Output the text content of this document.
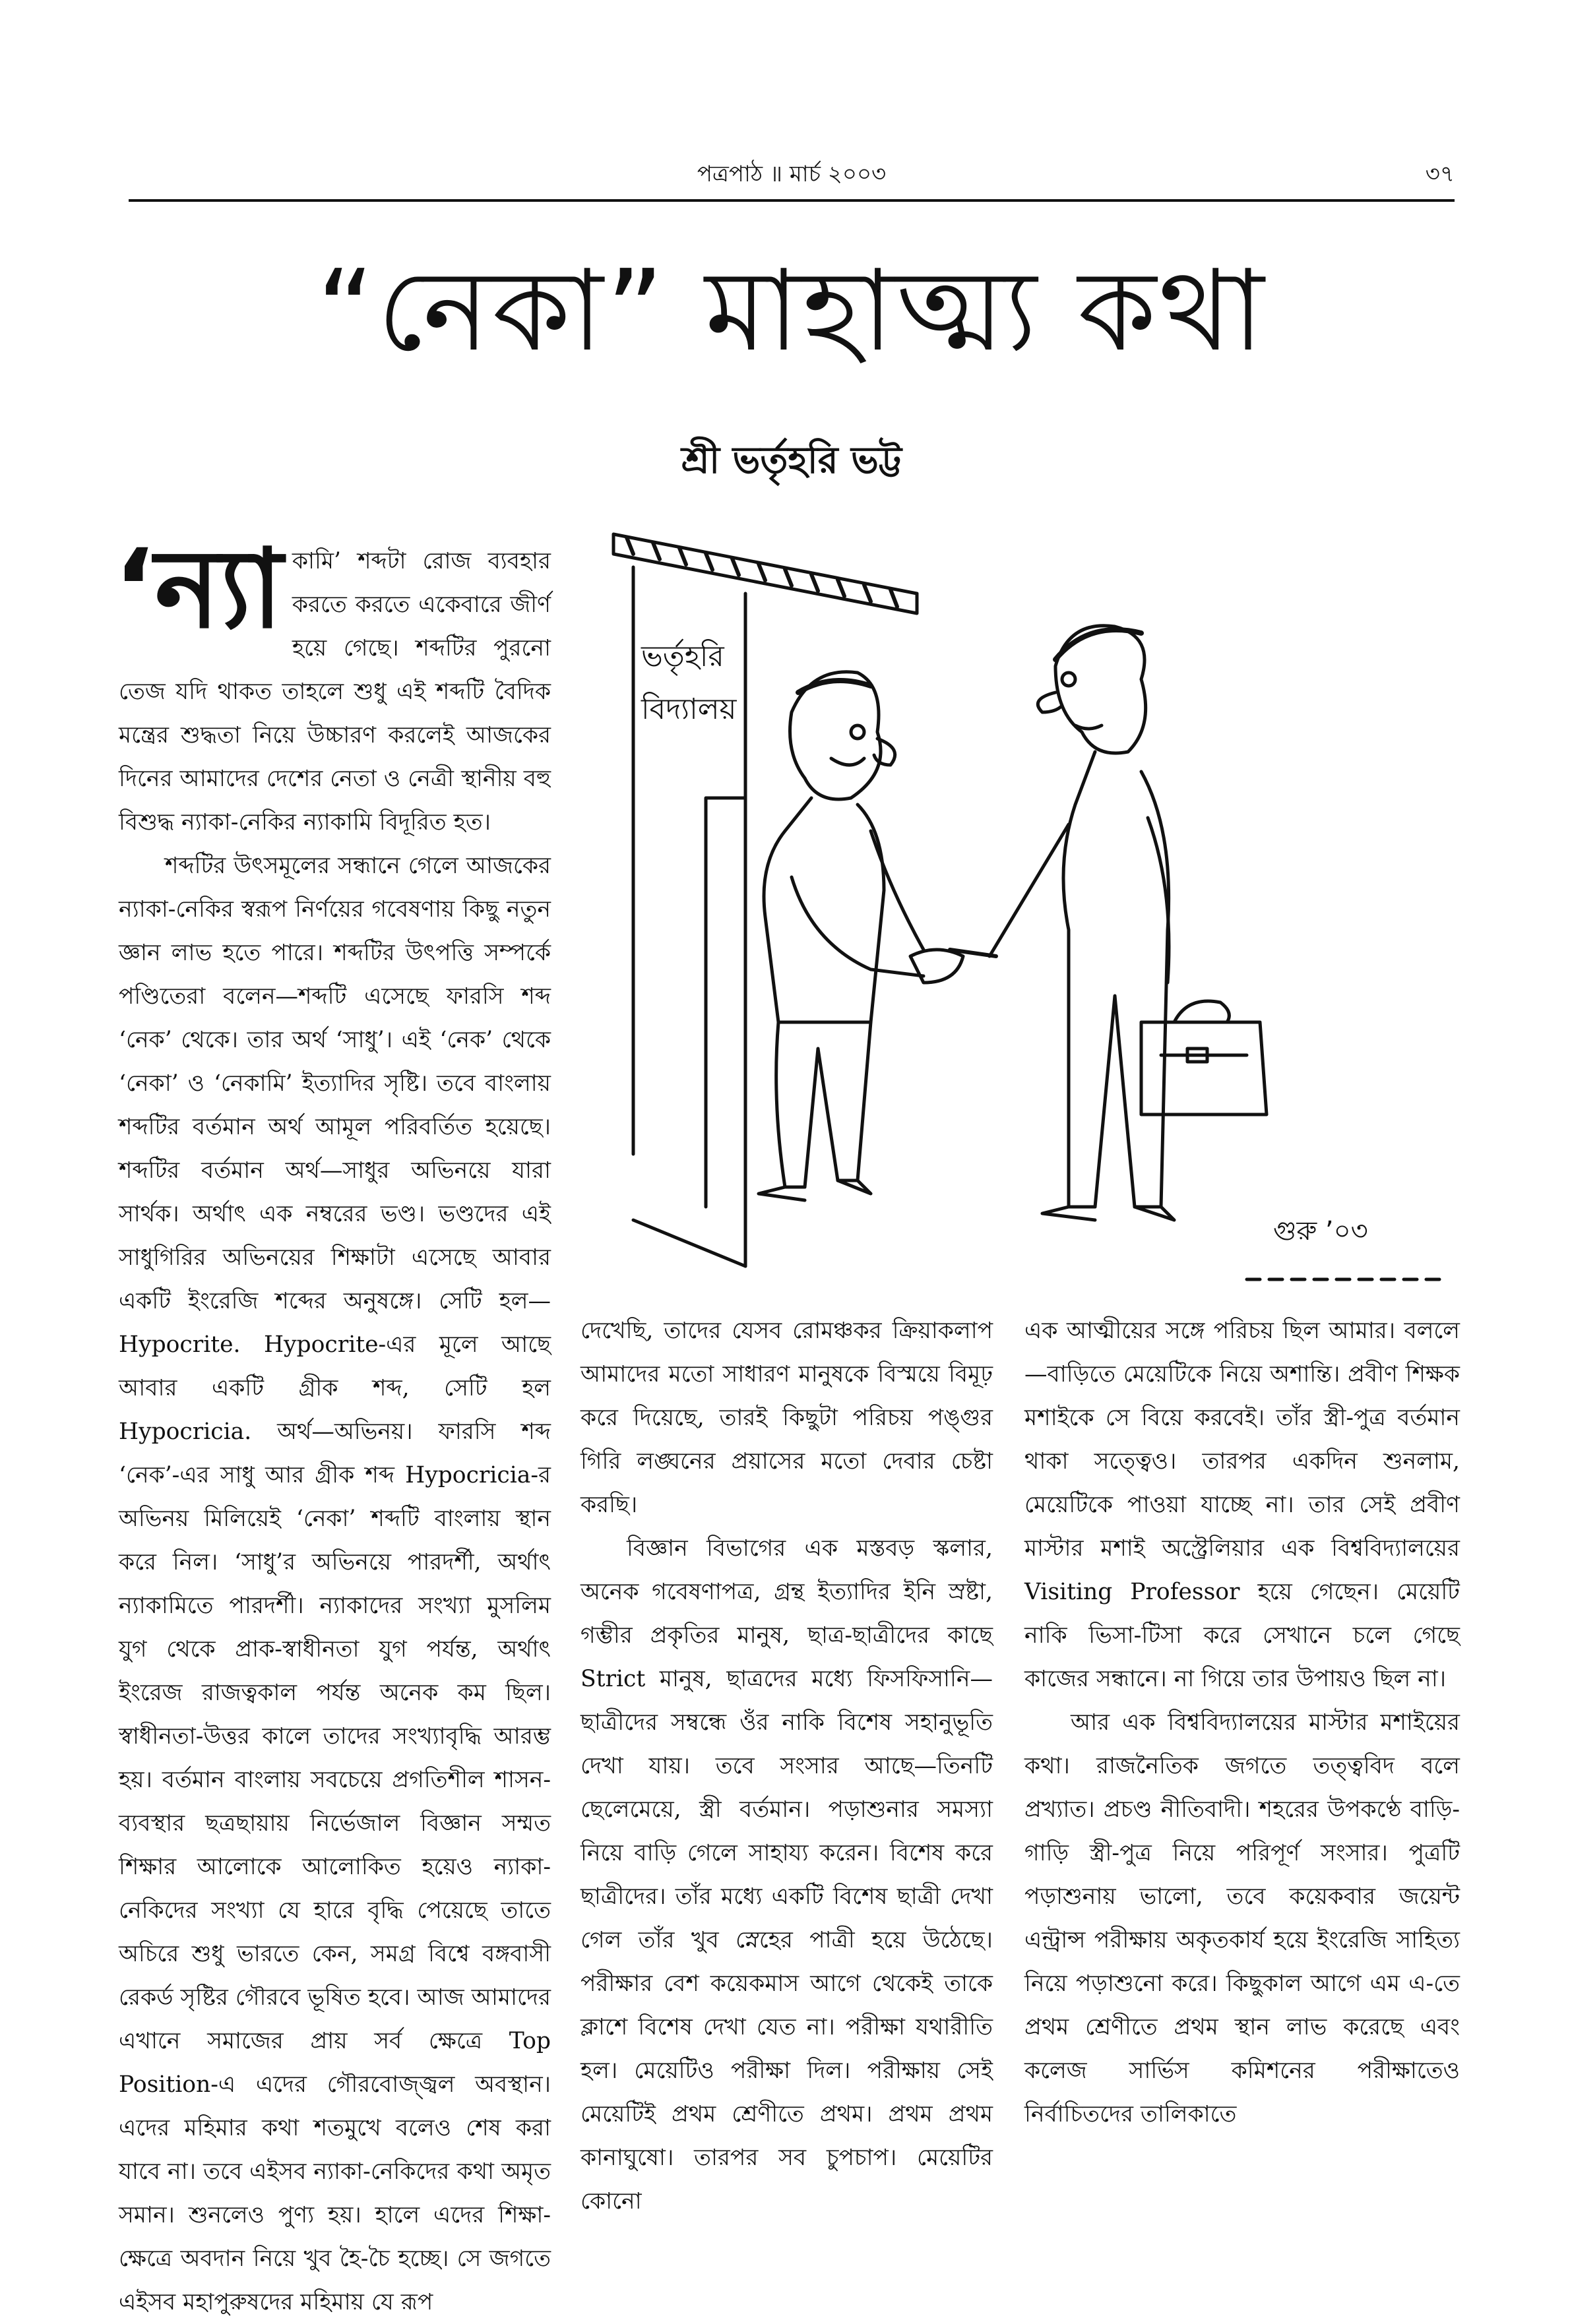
পত্রপাঠ ॥ মার্চ ২০০৩	৩৭
“নেকা” মাহাত্ম্য কথা
শ্রী ভর্তৃহরি ভট্ট

‘ন্যা কামি’ শব্দটা রোজ ব্যবহার করতে করতে একেবারে জীর্ণ হয়ে গেছে। শব্দটির পুরনো তেজ যদি থাকত তাহলে শুধু এই শব্দটি বৈদিক মন্ত্রের শুদ্ধতা নিয়ে উচ্চারণ করলেই আজকের দিনের আমাদের দেশের নেতা ও নেত্রী স্থানীয় বহু বিশুদ্ধ ন্যাকা-নেকির ন্যাকামি বিদূরিত হত।

শব্দটির উৎসমূলের সন্ধানে গেলে আজকের ন্যাকা-নেকির স্বরূপ নির্ণয়ের গবেষণায় কিছু নতুন জ্ঞান লাভ হতে পারে। শব্দটির উৎপত্তি সম্পর্কে পণ্ডিতেরা বলেন—শব্দটি এসেছে ফারসি শব্দ ‘নেক’ থেকে। তার অর্থ ‘সাধু’। এই ‘নেক’ থেকে ‘নেকা’ ও ‘নেকামি’ ইত্যাদির সৃষ্টি। তবে বাংলায় শব্দটির বর্তমান অর্থ আমূল পরিবর্তিত হয়েছে। শব্দটির বর্তমান অর্থ—সাধুর অভিনয়ে যারা সার্থক। অর্থাৎ এক নম্বরের ভণ্ড। ভণ্ডদের এই সাধুগিরির অভিনয়ের শিক্ষাটা এসেছে আবার একটি ইংরেজি শব্দের অনুষঙ্গে। সেটি হল—Hypocrite. Hypocrite-এর মূলে আছে আবার একটি গ্রীক শব্দ, সেটি হল Hypocricia. অর্থ—অভিনয়। ফারসি শব্দ ‘নেক’-এর সাধু আর গ্রীক শব্দ Hypocricia-র অভিনয় মিলিয়েই ‘নেকা’ শব্দটি বাংলায় স্থান করে নিল। ‘সাধু’র অভিনয়ে পারদর্শী, অর্থাৎ ন্যাকামিতে পারদর্শী। ন্যাকাদের সংখ্যা মুসলিম যুগ থেকে প্রাক-স্বাধীনতা যুগ পর্যন্ত, অর্থাৎ ইংরেজ রাজত্বকাল পর্যন্ত অনেক কম ছিল। স্বাধীনতা-উত্তর কালে তাদের সংখ্যাবৃদ্ধি আরম্ভ হয়। বর্তমান বাংলায় সবচেয়ে প্রগতিশীল শাসন-ব্যবস্থার ছত্রছায়ায় নির্ভেজাল বিজ্ঞান সম্মত শিক্ষার আলোকে আলোকিত হয়েও ন্যাকা-নেকিদের সংখ্যা যে হারে বৃদ্ধি পেয়েছে তাতে অচিরে শুধু ভারতে কেন, সমগ্র বিশ্বে বঙ্গবাসী রেকর্ড সৃষ্টির গৌরবে ভূষিত হবে। আজ আমাদের এখানে সমাজের প্রায় সর্ব ক্ষেত্রে Top Position-এ এদের গৌরবোজ্জ্বল অবস্থান। এদের মহিমার কথা শতমুখে বলেও শেষ করা যাবে না। তবে এইসব ন্যাকা-নেকিদের কথা অমৃত সমান। শুনলেও পুণ্য হয়। হালে এদের শিক্ষা-ক্ষেত্রে অবদান নিয়ে খুব হৈ-চৈ হচ্ছে। সে জগতে এইসব মহাপুরুষদের মহিমায় যে রূপ

ভর্তৃহরি
বিদ্যালয়
গুরু ’০৩

দেখেছি, তাদের যেসব রোমঞ্চকর ক্রিয়াকলাপ আমাদের মতো সাধারণ মানুষকে বিস্ময়ে বিমূঢ় করে দিয়েছে, তারই কিছুটা পরিচয় পঙ্গুর গিরি লঙ্ঘনের প্রয়াসের মতো দেবার চেষ্টা করছি।

বিজ্ঞান বিভাগের এক মস্তবড় স্কলার, অনেক গবেষণাপত্র, গ্রন্থ ইত্যাদির ইনি স্রষ্টা, গম্ভীর প্রকৃতির মানুষ, ছাত্র-ছাত্রীদের কাছে Strict মানুষ, ছাত্রদের মধ্যে ফিসফিসানি—ছাত্রীদের সম্বন্ধে ওঁর নাকি বিশেষ সহানুভূতি দেখা যায়। তবে সংসার আছে—তিনটি ছেলেমেয়ে, স্ত্রী বর্তমান। পড়াশুনার সমস্যা নিয়ে বাড়ি গেলে সাহায্য করেন। বিশেষ করে ছাত্রীদের। তাঁর মধ্যে একটি বিশেষ ছাত্রী দেখা গেল তাঁর খুব স্নেহের পাত্রী হয়ে উঠেছে। পরীক্ষার বেশ কয়েকমাস আগে থেকেই তাকে ক্লাশে বিশেষ দেখা যেত না। পরীক্ষা যথারীতি হল। মেয়েটিও পরীক্ষা দিল। পরীক্ষায় সেই মেয়েটিই প্রথম শ্রেণীতে প্রথম। প্রথম প্রথম কানাঘুষো। তারপর সব চুপচাপ। মেয়েটির কোনো

এক আত্মীয়ের সঙ্গে পরিচয় ছিল আমার। বললে—বাড়িতে মেয়েটিকে নিয়ে অশান্তি। প্রবীণ শিক্ষক মশাইকে সে বিয়ে করবেই। তাঁর স্ত্রী-পুত্র বর্তমান থাকা সত্ত্বেও। তারপর একদিন শুনলাম, মেয়েটিকে পাওয়া যাচ্ছে না। তার সেই প্রবীণ মাস্টার মশাই অস্ট্রেলিয়ার এক বিশ্ববিদ্যালয়ের Visiting Professor হয়ে গেছেন। মেয়েটি নাকি ভিসা-টিসা করে সেখানে চলে গেছে কাজের সন্ধানে। না গিয়ে তার উপায়ও ছিল না।

আর এক বিশ্ববিদ্যালয়ের মাস্টার মশাইয়ের কথা। রাজনৈতিক জগতে তত্ত্ববিদ বলে প্রখ্যাত। প্রচণ্ড নীতিবাদী। শহরের উপকণ্ঠে বাড়ি-গাড়ি স্ত্রী-পুত্র নিয়ে পরিপূর্ণ সংসার। পুত্রটি পড়াশুনায় ভালো, তবে কয়েকবার জয়েন্ট এন্ট্রান্স পরীক্ষায় অকৃতকার্য হয়ে ইংরেজি সাহিত্য নিয়ে পড়াশুনো করে। কিছুকাল আগে এম এ-তে প্রথম শ্রেণীতে প্রথম স্থান লাভ করেছে এবং কলেজ সার্ভিস কমিশনের পরীক্ষাতেও নির্বাচিতদের তালিকাতে
